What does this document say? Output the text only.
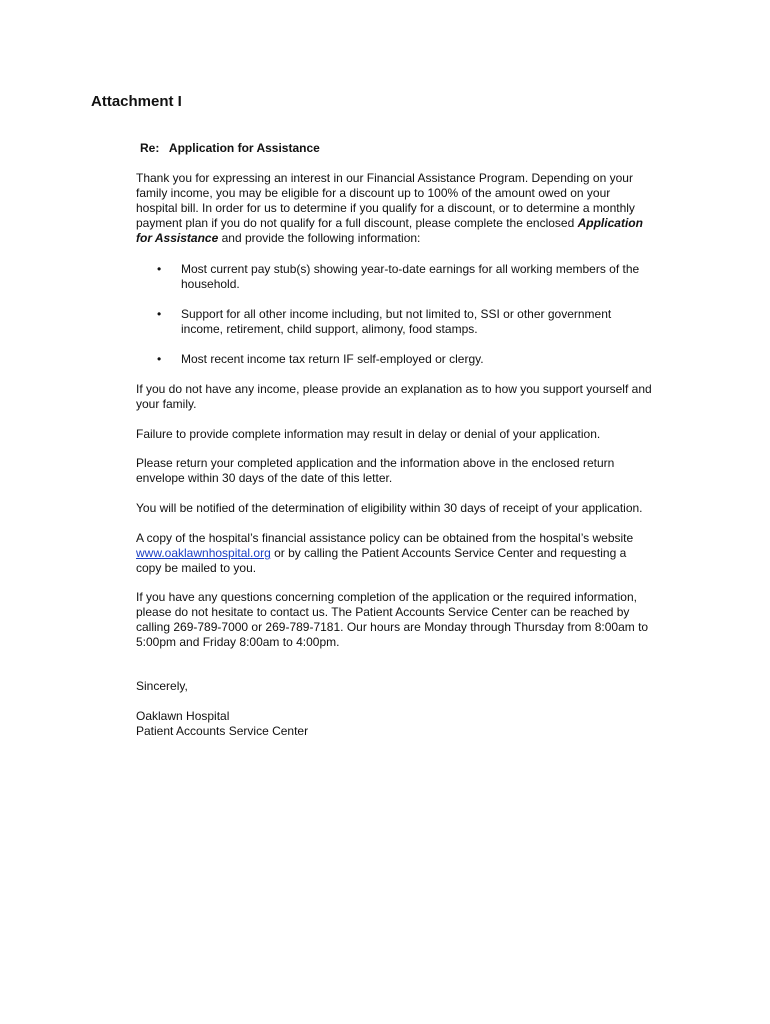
Attachment I
Re: Application for Assistance

Thank you for expressing an interest in our Financial Assistance Program. Depending on your
family income, you may be eligible for a discount up to 100% of the amount owed on your
hospital bill. In order for us to determine if you qualify for a discount, or to determine a monthly
payment plan if you do not qualify for a full discount, please complete the enclosed Application
for Assistance and provide the following information:

• Most current pay stub(s) showing year-to-date earnings for all working members of the
household.
• Support for all other income including, but not limited to, SSI or other government
income, retirement, child support, alimony, food stamps.
• Most recent income tax return IF self-employed or clergy.

If you do not have any income, please provide an explanation as to how you support yourself and
your family.

Failure to provide complete information may result in delay or denial of your application.

Please return your completed application and the information above in the enclosed return
envelope within 30 days of the date of this letter.

You will be notified of the determination of eligibility within 30 days of receipt of your application.

A copy of the hospital’s financial assistance policy can be obtained from the hospital’s website
www.oaklawnhospital.org or by calling the Patient Accounts Service Center and requesting a
copy be mailed to you.

If you have any questions concerning completion of the application or the required information,
please do not hesitate to contact us. The Patient Accounts Service Center can be reached by
calling 269-789-7000 or 269-789-7181. Our hours are Monday through Thursday from 8:00am to
5:00pm and Friday 8:00am to 4:00pm.

Sincerely,

Oaklawn Hospital
Patient Accounts Service Center
